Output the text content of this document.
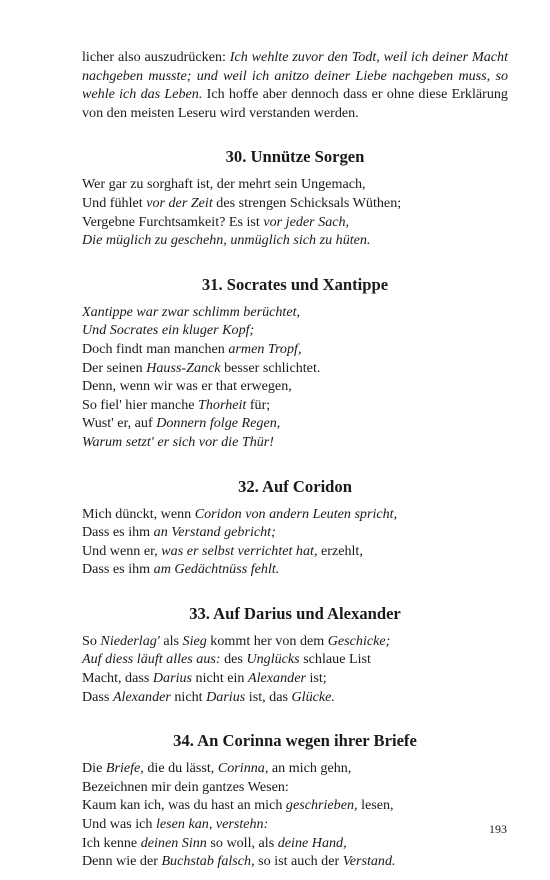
licher also auszudrücken: Ich wehlte zuvor den Todt, weil ich deiner Macht nachgeben musste; und weil ich anitzo deiner Liebe nachgeben muss, so wehle ich das Leben. Ich hoffe aber dennoch dass er ohne diese Erklärung von den meisten Leseru wird verstanden werden.

30. Unnütze Sorgen
Wer gar zu sorghaft ist, der mehrt sein Ungemach,
Und fühlet vor der Zeit des strengen Schicksals Wüthen;
Vergebne Furchtsamkeit? Es ist vor jeder Sach,
Die müglich zu geschehn, unmüglich sich zu hüten.
31. Socrates und Xantippe
Xantippe war zwar schlimm berüchtet,
Und Socrates ein kluger Kopf;
Doch findt man manchen armen Tropf,
Der seinen Hauss-Zanck besser schlichtet.
Denn, wenn wir was er that erwegen,
So fiel' hier manche Thorheit für;
Wust' er, auf Donnern folge Regen,
Warum setzt' er sich vor die Thür!
32. Auf Coridon
Mich dünckt, wenn Coridon von andern Leuten spricht,
Dass es ihm an Verstand gebricht;
Und wenn er, was er selbst verrichtet hat, erzehlt,
Dass es ihm am Gedächtnüss fehlt.
33. Auf Darius und Alexander
So Niederlag' als Sieg kommt her von dem Geschicke;
Auf diess läuft alles aus: des Unglücks schlaue List
Macht, dass Darius nicht ein Alexander ist;
Dass Alexander nicht Darius ist, das Glücke.
34. An Corinna wegen ihrer Briefe
Die Briefe, die du lässt, Corinna, an mich gehn,
Bezeichnen mir dein gantzes Wesen:
Kaum kan ich, was du hast an mich geschrieben, lesen,
Und was ich lesen kan, verstehn:
Ich kenne deinen Sinn so woll, als deine Hand,
Denn wie der Buchstab falsch, so ist auch der Verstand.
193
